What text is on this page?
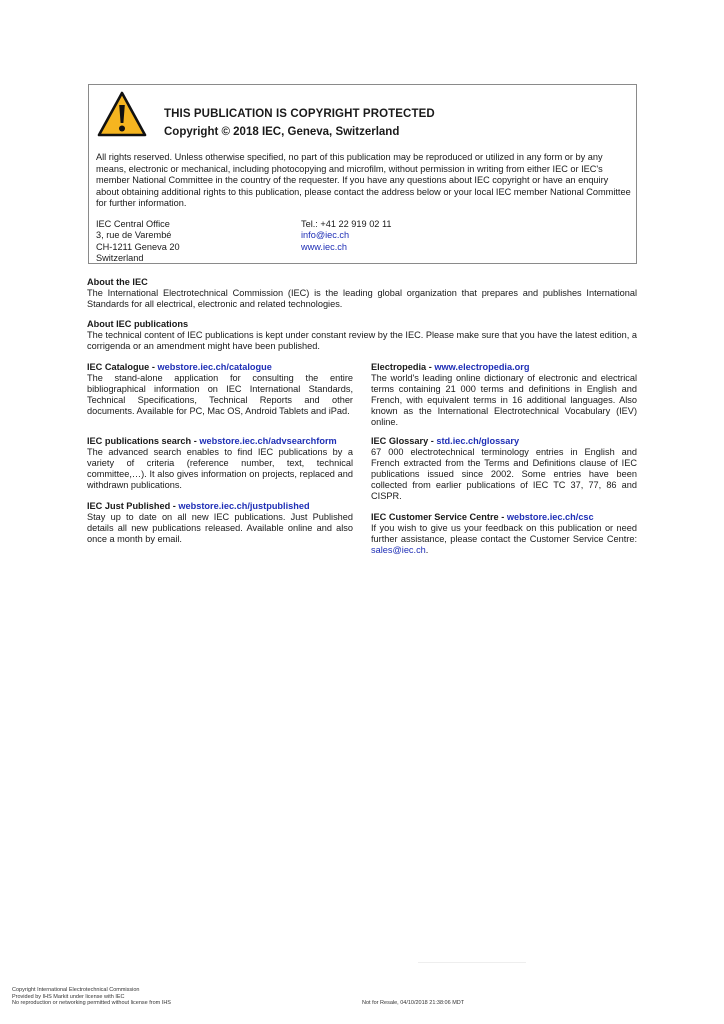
THIS PUBLICATION IS COPYRIGHT PROTECTED
Copyright © 2018 IEC, Geneva, Switzerland
All rights reserved. Unless otherwise specified, no part of this publication may be reproduced or utilized in any form or by any means, electronic or mechanical, including photocopying and microfilm, without permission in writing from either IEC or IEC's member National Committee in the country of the requester. If you have any questions about IEC copyright or have an enquiry about obtaining additional rights to this publication, please contact the address below or your local IEC member National Committee for further information.
IEC Central Office
3, rue de Varembé
CH-1211 Geneva 20
Switzerland
Tel.: +41 22 919 02 11
info@iec.ch
www.iec.ch
About the IEC
The International Electrotechnical Commission (IEC) is the leading global organization that prepares and publishes International Standards for all electrical, electronic and related technologies.
About IEC publications
The technical content of IEC publications is kept under constant review by the IEC. Please make sure that you have the latest edition, a corrigenda or an amendment might have been published.
IEC Catalogue - webstore.iec.ch/catalogue
The stand-alone application for consulting the entire bibliographical information on IEC International Standards, Technical Specifications, Technical Reports and other documents. Available for PC, Mac OS, Android Tablets and iPad.
IEC publications search - webstore.iec.ch/advsearchform
The advanced search enables to find IEC publications by a variety of criteria (reference number, text, technical committee,…). It also gives information on projects, replaced and withdrawn publications.
IEC Just Published - webstore.iec.ch/justpublished
Stay up to date on all new IEC publications. Just Published details all new publications released. Available online and also once a month by email.
Electropedia - www.electropedia.org
The world's leading online dictionary of electronic and electrical terms containing 21 000 terms and definitions in English and French, with equivalent terms in 16 additional languages. Also known as the International Electrotechnical Vocabulary (IEV) online.
IEC Glossary - std.iec.ch/glossary
67 000 electrotechnical terminology entries in English and French extracted from the Terms and Definitions clause of IEC publications issued since 2002. Some entries have been collected from earlier publications of IEC TC 37, 77, 86 and CISPR.
IEC Customer Service Centre - webstore.iec.ch/csc
If you wish to give us your feedback on this publication or need further assistance, please contact the Customer Service Centre: sales@iec.ch.
Copyright International Electrotechnical Commission
Provided by IHS Markit under license with IEC
No reproduction or networking permitted without license from IHS	Not for Resale, 04/10/2018 21:38:06 MDT
